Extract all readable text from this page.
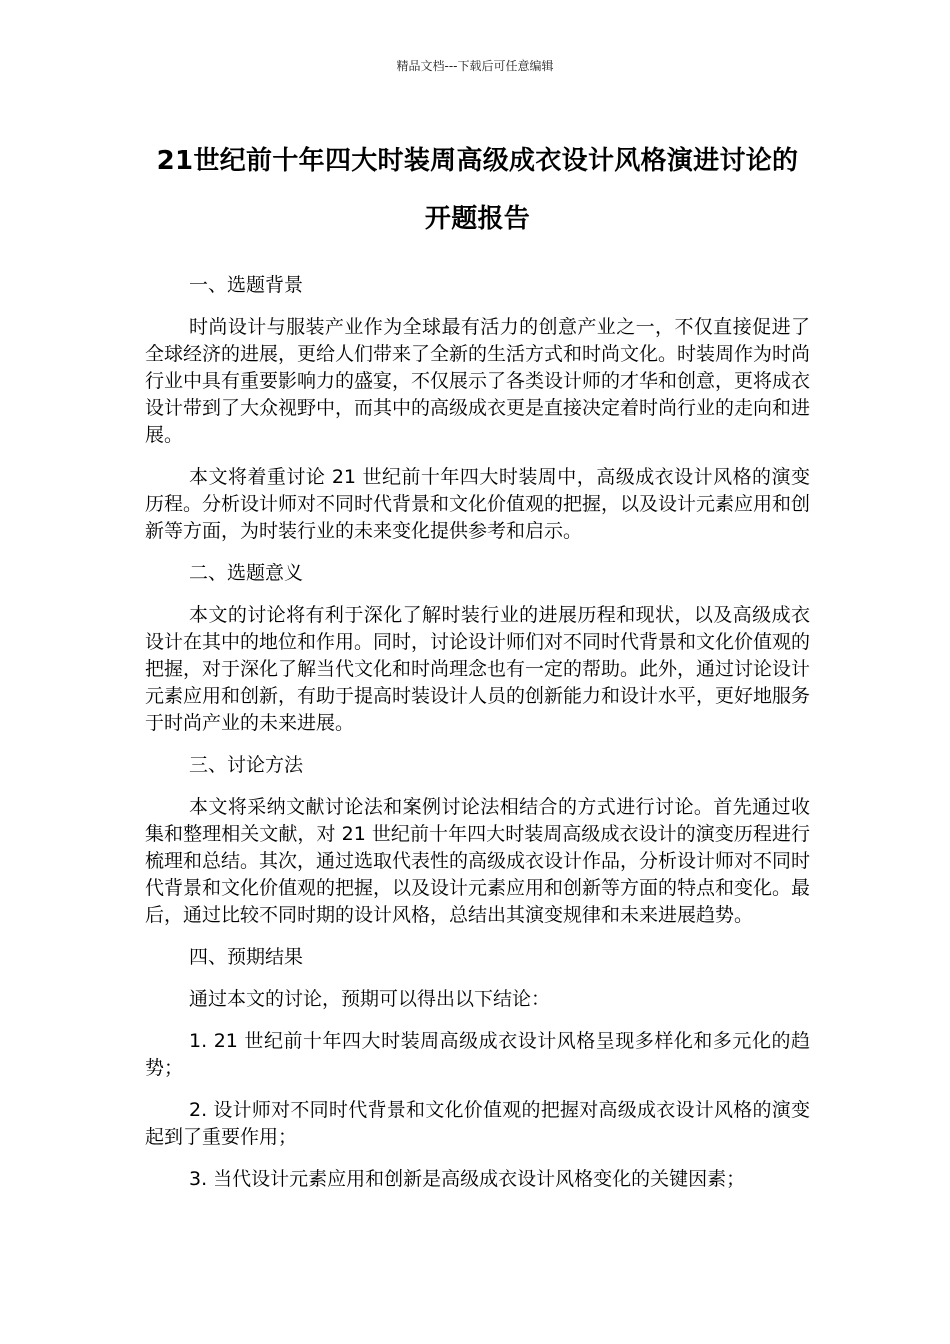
精品文档---下载后可任意编辑
21世纪前十年四大时装周高级成衣设计风格演进讨论的开题报告

一、选题背景

时尚设计与服装产业作为全球最有活力的创意产业之一，不仅直接促进了全球经济的进展，更给人们带来了全新的生活方式和时尚文化。时装周作为时尚行业中具有重要影响力的盛宴，不仅展示了各类设计师的才华和创意，更将成衣设计带到了大众视野中，而其中的高级成衣更是直接决定着时尚行业的走向和进展。

本文将着重讨论 21 世纪前十年四大时装周中，高级成衣设计风格的演变历程。分析设计师对不同时代背景和文化价值观的把握，以及设计元素应用和创新等方面，为时装行业的未来变化提供参考和启示。

二、选题意义

本文的讨论将有利于深化了解时装行业的进展历程和现状，以及高级成衣设计在其中的地位和作用。同时，讨论设计师们对不同时代背景和文化价值观的把握，对于深化了解当代文化和时尚理念也有一定的帮助。此外，通过讨论设计元素应用和创新，有助于提高时装设计人员的创新能力和设计水平，更好地服务于时尚产业的未来进展。

三、讨论方法

本文将采纳文献讨论法和案例讨论法相结合的方式进行讨论。首先通过收集和整理相关文献，对 21 世纪前十年四大时装周高级成衣设计的演变历程进行梳理和总结。其次，通过选取代表性的高级成衣设计作品，分析设计师对不同时代背景和文化价值观的把握，以及设计元素应用和创新等方面的特点和变化。最后，通过比较不同时期的设计风格，总结出其演变规律和未来进展趋势。

四、预期结果

通过本文的讨论，预期可以得出以下结论：

1. 21 世纪前十年四大时装周高级成衣设计风格呈现多样化和多元化的趋势；

2. 设计师对不同时代背景和文化价值观的把握对高级成衣设计风格的演变起到了重要作用；

3. 当代设计元素应用和创新是高级成衣设计风格变化的关键因素；
